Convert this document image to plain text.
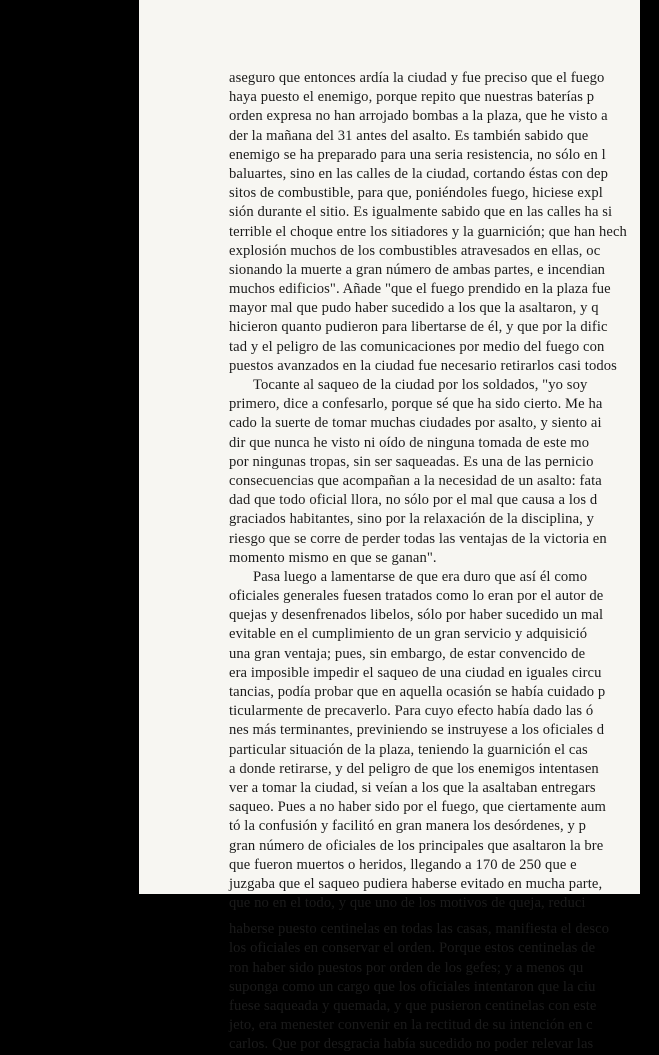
aseguro que entonces ardía la ciudad y fue preciso que el fuego
haya puesto el enemigo, porque repito que nuestras baterías p
orden expresa no han arrojado bombas a la plaza, que he visto a
der la mañana del 31 antes del asalto. Es también sabido que
enemigo se ha preparado para una seria resistencia, no sólo en l
baluartes, sino en las calles de la ciudad, cortando éstas con dep
sitos de combustible, para que, poniéndoles fuego, hiciese expl
sión durante el sitio. Es igualmente sabido que en las calles ha si
terrible el choque entre los sitiadores y la guarnición; que han hech
explosión muchos de los combustibles atravesados en ellas, oc
sionando la muerte a gran número de ambas partes, e incendian
muchos edificios". Añade "que el fuego prendido en la plaza fue
mayor mal que pudo haber sucedido a los que la asaltaron, y q
hicieron quanto pudieron para libertarse de él, y que por la dific
tad y el peligro de las comunicaciones por medio del fuego con
puestos avanzados en la ciudad fue necesario retirarlos casi todos
Tocante al saqueo de la ciudad por los soldados, "yo soy
primero, dice a confesarlo, porque sé que ha sido cierto. Me ha
cado la suerte de tomar muchas ciudades por asalto, y siento ai
dir que nunca he visto ni oído de ninguna tomada de este mo
por ningunas tropas, sin ser saqueadas. Es una de las pernicio
consecuencias que acompañan a la necesidad de un asalto: fata
dad que todo oficial llora, no sólo por el mal que causa a los d
graciados habitantes, sino por la relaxación de la disciplina, y
riesgo que se corre de perder todas las ventajas de la victoria en
momento mismo en que se ganan".
Pasa luego a lamentarse de que era duro que así él como
oficiales generales fuesen tratados como lo eran por el autor de
quejas y desenfrenados libelos, sólo por haber sucedido un mal
evitable en el cumplimiento de un gran servicio y adquisició
una gran ventaja; pues, sin embargo, de estar convencido de
era imposible impedir el saqueo de una ciudad en iguales circu
tancias, podía probar que en aquella ocasión se había cuidado p
ticularmente de precaverlo. Para cuyo efecto había dado las ó
nes más terminantes, previniendo se instruyese a los oficiales d
particular situación de la plaza, teniendo la guarnición el cas
a donde retirarse, y del peligro de que los enemigos intentasen
ver a tomar la ciudad, si veían a los que la asaltaban entregars
saqueo. Pues a no haber sido por el fuego, que ciertamente aum
tó la confusión y facilitó en gran manera los desórdenes, y p
gran número de oficiales de los principales que asaltaron la bre
que fueron muertos o heridos, llegando a 170 de 250 que e
juzgaba que el saqueo pudiera haberse evitado en mucha parte,
que no en el todo, y que uno de los motivos de queja, reduci
haberse puesto centinelas en todas las casas, manifiesta el desco
los oficiales en conservar el orden. Porque estos centinelas de
ron haber sido puestos por orden de los gefes; y a menos qu
suponga como un cargo que los oficiales intentaron que la ciu
fuese saqueada y quemada, y que pusieron centinelas con este
jeto, era menester convenir en la rectitud de su intención en c
carlos. Que por desgracia había sucedido no poder relevar las
